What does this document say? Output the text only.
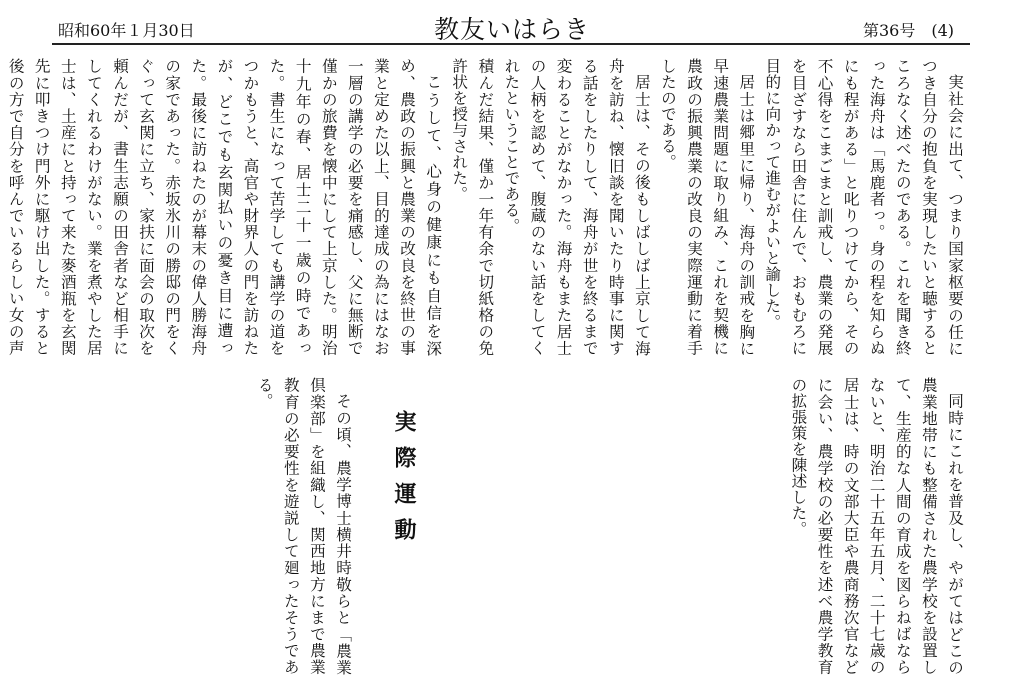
昭和60年１月30日	教友いはらき	第36号　(4)

実社会に出て、つまり国家枢要の任につき自分の抱負を実現したいと聴するところなく述べたのである。これを聞き終った海舟は「馬鹿者っ。身の程を知らぬにも程がある」と叱りつけてから、その不心得をこまごまと訓戒し、農業の発展を目ざすなら田舎に住んで、おもむろに目的に向かって進むがよいと諭した。

居士は郷里に帰り、海舟の訓戒を胸に早速農業問題に取り組み、これを契機に農政の振興農業の改良の実際運動に着手したのである。

居士は、その後もしばしば上京して海舟を訪ね、懐旧談を聞いたり時事に関する話をしたりして、海舟が世を終るまで変わることがなかった。海舟もまた居士の人柄を認めて、腹蔵のない話をしてくれたということである。

積んだ結果、僅か一年有余で切紙格の免許状を授与された。

こうして、心身の健康にも自信を深め、農政の振興と農業の改良を終世の事業と定めた以上、目的達成の為にはなお一層の講学の必要を痛感し、父に無断で僅かの旅費を懐中にして上京した。明治十九年の春、居士二十一歳の時であった。書生になって苦学しても講学の道をつかもうと、高官や財界人の門を訪ねたが、どこでも玄関払いの憂き目に遭った。最後に訪ねたのが幕末の偉人勝海舟の家であった。赤坂氷川の勝邸の門をくぐって玄関に立ち、家扶に面会の取次を頼んだが、書生志願の田舎者など相手にしてくれるわけがない。業を煮やした居士は、土産にと持って来た麥酒瓶を玄関先に叩きつけ門外に駆け出した。すると後の方で自分を呼んでいるらしい女の声

実際運動	同時にこれを普及し、やがてはどこの農業地帯にも整備された農学校を設置して、生産的な人間の育成を図らねばならないと、明治二十五年五月、二十七歳の居士は、時の文部大臣や農商務次官などに会い、農学校の必要性を述べ農学教育の拡張策を陳述した。

その頃、農学博士横井時敬らと「農業倶楽部」を組織し、関西地方にまで農業教育の必要性を遊説して廻ったそうである。
